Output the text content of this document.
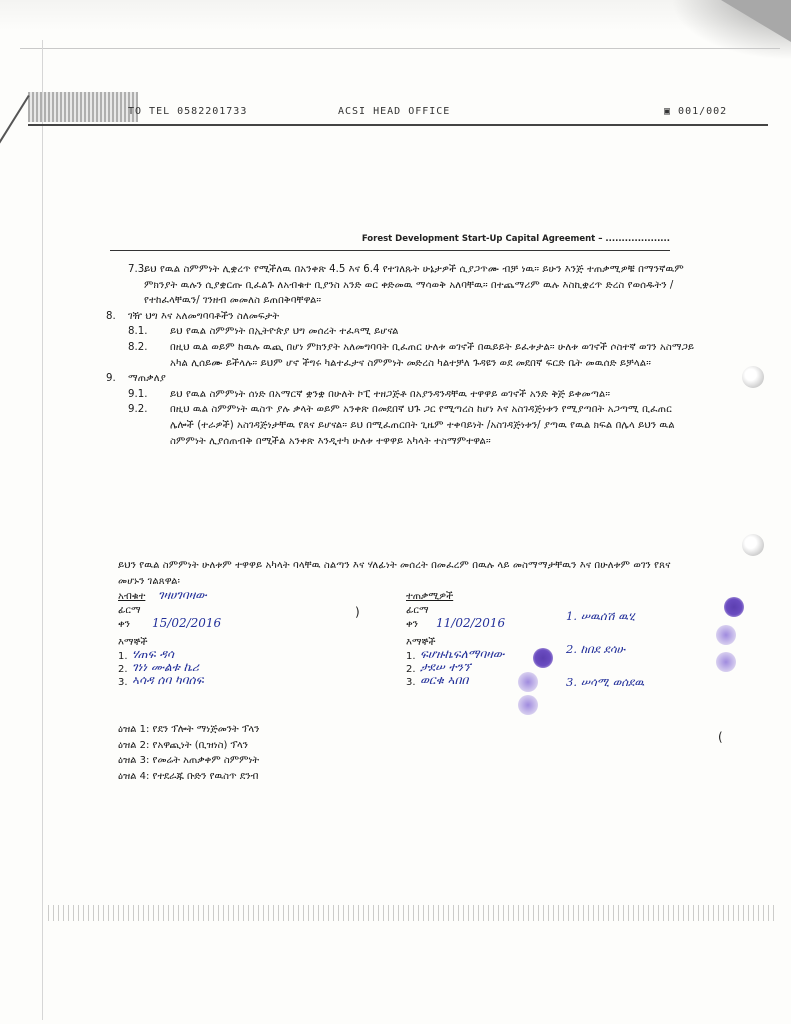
TO TEL 0582201733	ACSI HEAD OFFICE	▣ 001/002
Forest Development Start-Up Capital Agreement – ....................
7.3.
ይህ የዉል ስምምነት ሊቋረጥ የሚችለዉ በአንቀጽ 4.5 እና 6.4 የተገለጹት ሁኔታዎች ሲያጋጥሙ ብቻ ነዉ። ይሁን እንጅ ተጠቃሚዎቹ በማንኛዉም ምክንያት ዉሉን ሲያቋርጡ ቢፈልጉ ለአብቁተ ቢያንስ አንድ ወር ቀድመዉ ማሳወቅ አለባቸዉ። በተጨማሪም ዉሉ እስኪቋረጥ ድረስ የወሰዱትን /የተከፈላቸዉን/ ገንዘብ መመለስ ይጠበቅባቸዋል።
8. ገዥ ህግ እና አለመግባባቶችን ስለመፍታት
8.1. ይህ የዉል ስምምነት በኢትዮጵያ ህግ መሰረት ተፈጻሚ ይሆናል
8.2. በዚህ ዉል ወይም ከዉሉ ዉጪ በሆነ ምክንያት አለመግባባት ቢፈጠር ሁለቱ ወገኖች በዉይይት ይፈቱታል። ሁለቱ ወገኖች ሶስተኛ ወገን አስማጋይ አካል ሊሰይሙ ይችላሉ። ይህም ሆኖ ችግሩ ካልተፈታና ስምምነት መድረስ ካልተቻለ ጉዳዩን ወደ መደበኛ ፍርድ ቤት መዉሰድ ይቻላል።
9. ማጠቃለያ
9.1. ይህ የዉል ስምምነት ሰነድ በአማርኛ ቋንቋ በሁለት ኮፒ ተዘጋጅቶ በአያንዳንዳቸዉ ተዋዋይ ወገኖች አንድ ቅጅ ይቀመጣል።
9.2. በዚህ ዉል ስምምነት ዉስጥ ያሉ ቃላት ወይም አንቀጽ በመደበኛ ህጉ ጋር የሚጣረስ ከሆነ እና አስገዳጅነቱን የሚያጣበት አጋጣሚ ቢፈጠር ሌሎች (ተራዎች) አስገዳጅነታቸዉ የጸና ይሆናል። ይህ በሚፈጠርበት ጊዜም ተቀባይነት /አስገዳጅነቱን/ ያጣዉ የዉል ክፍል በሌላ ይህን ዉል ስምምነት ሊያሰጠብቅ በሚችል አንቀጽ እንዲተካ ሁለቱ ተዋዋይ አካላት ተስማምተዋል።
ይህን የዉል ስምምነት ሁለቱም ተዋዋይ አካላት ባላቸዉ ስልጣን እና ሃለፊነት መሰረት በመፈረም በዉሉ ላይ መስማማታቸዉን እና በሁለቱም ወገን የጸና መሆኑን ገልጸዋል፡
አብቁተ ገዛሀገባዛው
ፊርማ
ቀን 15/02/2016
እማኞች
1. ሃጠፍ ዳሳ
2. ገነነ ሙልቱ ኬሪ
3. ኣሳዳ ሰባ ካባሰፍ
)
ተጠቃሚዎች
ፊርማ
ቀን 11/02/2016
እማኞች
1. ፍሆዙኬፍለማባዛው
2. ታደሠ ተንኘ
3. ወርቁ ኣበበ
1. ሠዉሰሽ ዉሂ
2. ከበደ ደሳሁ
3. ሠሳሚ ወሰደዉ
ዕዝል 1: የደን ፕሎት ማነጅመንት ፕላን
ዕዝል 2: የአዋጪነት (ቢዝነስ) ፕላን
ዕዝል 3: የመሬት አጠቃቀም ስምምነት
ዕዝል 4: የተደራጁ ቡድን የዉስጥ ደንብ
(
